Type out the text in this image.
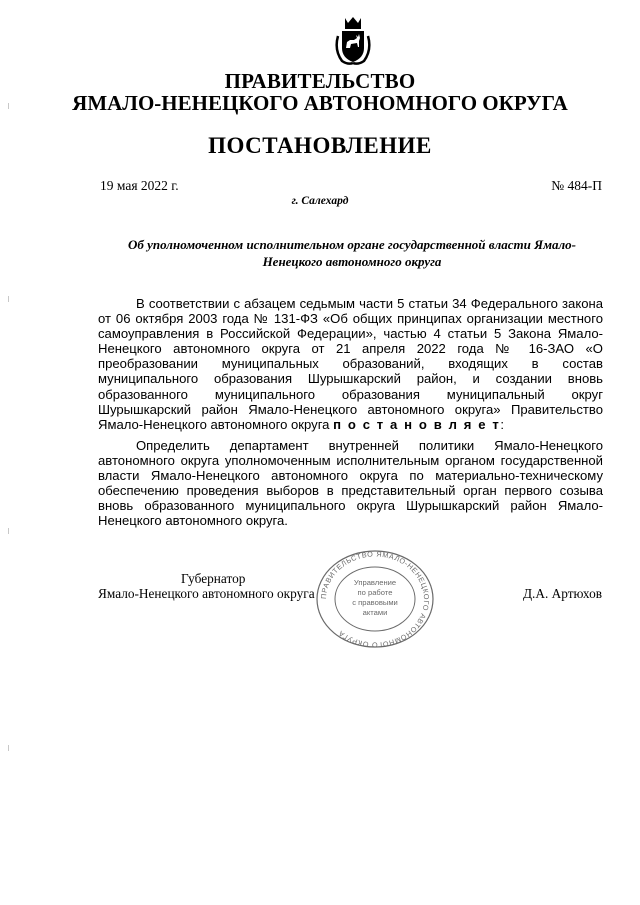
ПРАВИТЕЛЬСТВО
ЯМАЛО-НЕНЕЦКОГО АВТОНОМНОГО ОКРУГА
ПОСТАНОВЛЕНИЕ
19 мая 2022 г.	№ 484-П
г. Салехард
Об уполномоченном исполнительном органе государственной власти Ямало-Ненецкого автономного округа
В соответствии с абзацем седьмым части 5 статьи 34 Федерального закона от 06 октября 2003 года № 131-ФЗ «Об общих принципах организации местного самоуправления в Российской Федерации», частью 4 статьи 5 Закона Ямало-Ненецкого автономного округа от 21 апреля 2022 года № 16-ЗАО «О преобразовании муниципальных образований, входящих в состав муниципального образования Шурышкарский район, и создании вновь образованного муниципального образования муниципальный округ Шурышкарский район Ямало-Ненецкого автономного округа» Правительство Ямало-Ненецкого автономного округа п о с т а н о в л я е т:
Определить департамент внутренней политики Ямало-Ненецкого автономного округа уполномоченным исполнительным органом государственной власти Ямало-Ненецкого автономного округа по материально-техническому обеспечению проведения выборов в представительный орган первого созыва вновь образованного муниципального округа Шурышкарский район Ямало-Ненецкого автономного округа.
Губернатор
Ямало-Ненецкого автономного округа	Д.А. Артюхов
ПРАВИТЕЛЬСТВО ЯМАЛО-НЕНЕЦКОГО АВТОНОМНОГО ОКРУГА
Управление
по работе
с правовыми
актами
